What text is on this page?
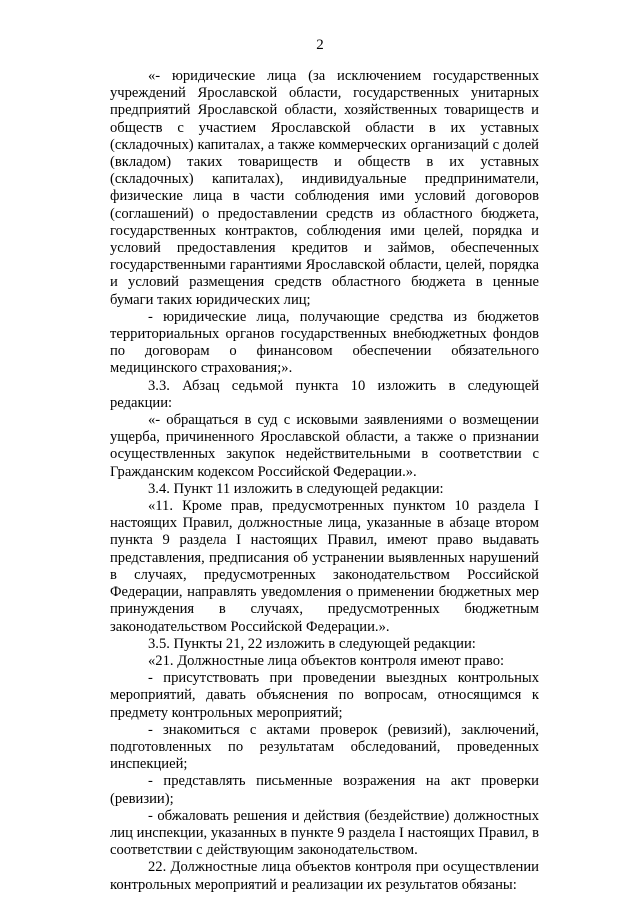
2

«- юридические лица (за исключением государственных учреждений Ярославской области, государственных унитарных предприятий Ярославской области, хозяйственных товариществ и обществ с участием Ярославской области в их уставных (складочных) капиталах, а также коммерческих организаций с долей (вкладом) таких товариществ и обществ в их уставных (складочных) капиталах), индивидуальные предприниматели, физические лица в части соблюдения ими условий договоров (соглашений) о предоставлении средств из областного бюджета, государственных контрактов, соблюдения ими целей, порядка и условий предоставления кредитов и займов, обеспеченных государственными гарантиями Ярославской области, целей, порядка и условий размещения средств областного бюджета в ценные бумаги таких юридических лиц;

- юридические лица, получающие средства из бюджетов территориальных органов государственных внебюджетных фондов по договорам о финансовом обеспечении обязательного медицинского страхования;».

3.3. Абзац седьмой пункта 10 изложить в следующей редакции:

«- обращаться в суд с исковыми заявлениями о возмещении ущерба, причиненного Ярославской области, а также о признании осуществленных закупок недействительными в соответствии с Гражданским кодексом Российской Федерации.».

3.4. Пункт 11 изложить в следующей редакции:

«11. Кроме прав, предусмотренных пунктом 10 раздела I настоящих Правил, должностные лица, указанные в абзаце втором пункта 9 раздела I настоящих Правил, имеют право выдавать представления, предписания об устранении выявленных нарушений в случаях, предусмотренных законодательством Российской Федерации, направлять уведомления о применении бюджетных мер принуждения в случаях, предусмотренных бюджетным законодательством Российской Федерации.».

3.5. Пункты 21, 22 изложить в следующей редакции:

«21. Должностные лица объектов контроля имеют право:

- присутствовать при проведении выездных контрольных мероприятий, давать объяснения по вопросам, относящимся к предмету контрольных мероприятий;

- знакомиться с актами проверок (ревизий), заключений, подготовленных по результатам обследований, проведенных инспекцией;

- представлять письменные возражения на акт проверки (ревизии);

- обжаловать решения и действия (бездействие) должностных лиц инспекции, указанных в пункте 9 раздела I настоящих Правил, в соответствии с действующим законодательством.

22. Должностные лица объектов контроля при осуществлении контрольных мероприятий и реализации их результатов обязаны:
